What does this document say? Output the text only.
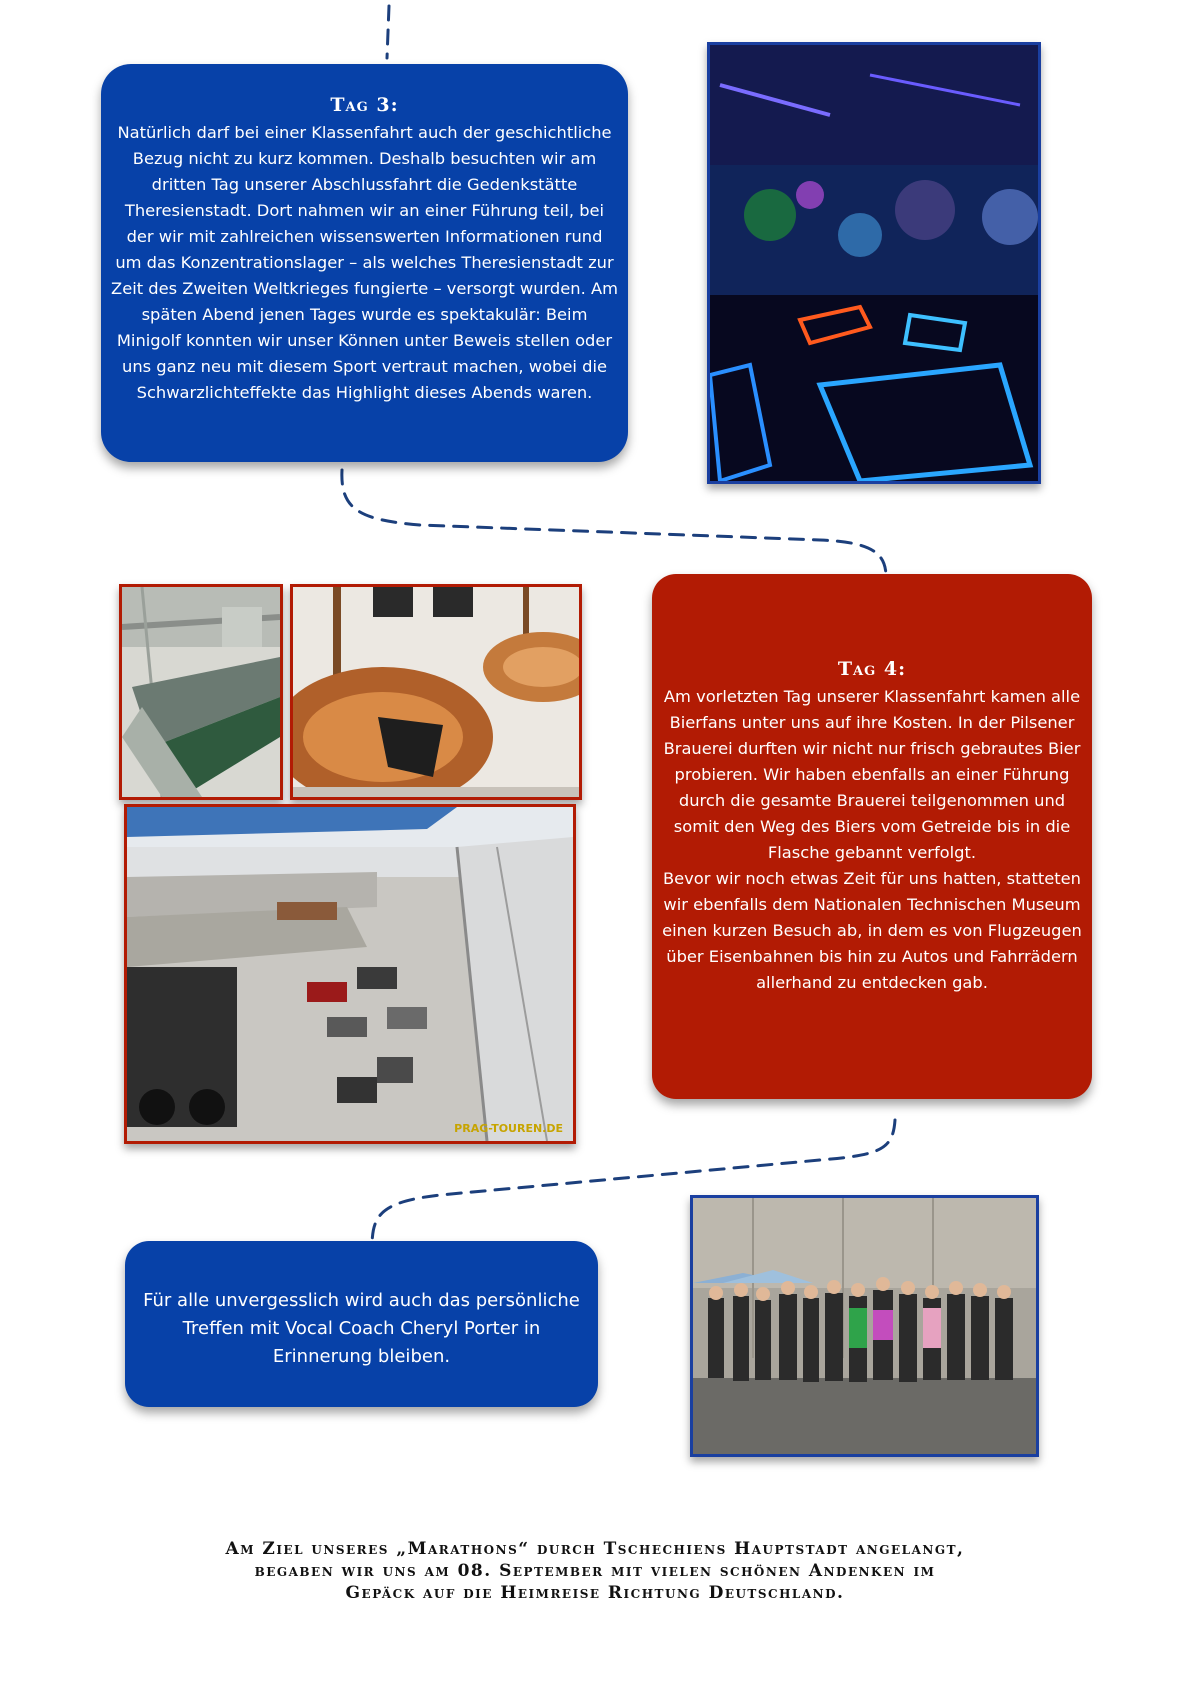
Tag 3:

Natürlich darf bei einer Klassenfahrt auch der geschichtliche Bezug nicht zu kurz kommen. Deshalb besuchten wir am dritten Tag unserer Abschlussfahrt die Gedenkstätte Theresienstadt. Dort nahmen wir an einer Führung teil, bei der wir mit zahlreichen wissenswerten Informationen rund um das Konzentrationslager – als welches Theresienstadt zur Zeit des Zweiten Weltkrieges fungierte – versorgt wurden. Am späten Abend jenen Tages wurde es spektakulär: Beim Minigolf konnten wir unser Können unter Beweis stellen oder uns ganz neu mit diesem Sport vertraut machen, wobei die Schwarzlichteffekte das Highlight dieses Abends waren.

PRAG-TOUREN.DE
Tag 4:

Am vorletzten Tag unserer Klassenfahrt kamen alle Bierfans unter uns auf ihre Kosten. In der Pilsener Brauerei durften wir nicht nur frisch gebrautes Bier probieren. Wir haben ebenfalls an einer Führung durch die gesamte Brauerei teilgenommen und somit den Weg des Biers vom Getreide bis in die Flasche gebannt verfolgt.

Bevor wir noch etwas Zeit für uns hatten, statteten wir ebenfalls dem Nationalen Technischen Museum einen kurzen Besuch ab, in dem es von Flugzeugen über Eisenbahnen bis hin zu Autos und Fahrrädern allerhand zu entdecken gab.

Für alle unvergesslich wird auch das persönliche Treffen mit Vocal Coach Cheryl Porter in Erinnerung bleiben.

Am Ziel unseres „Marathons“ durch Tschechiens Hauptstadt angelangt,
begaben wir uns am 08. September mit vielen schönen Andenken im
Gepäck auf die Heimreise Richtung Deutschland.
